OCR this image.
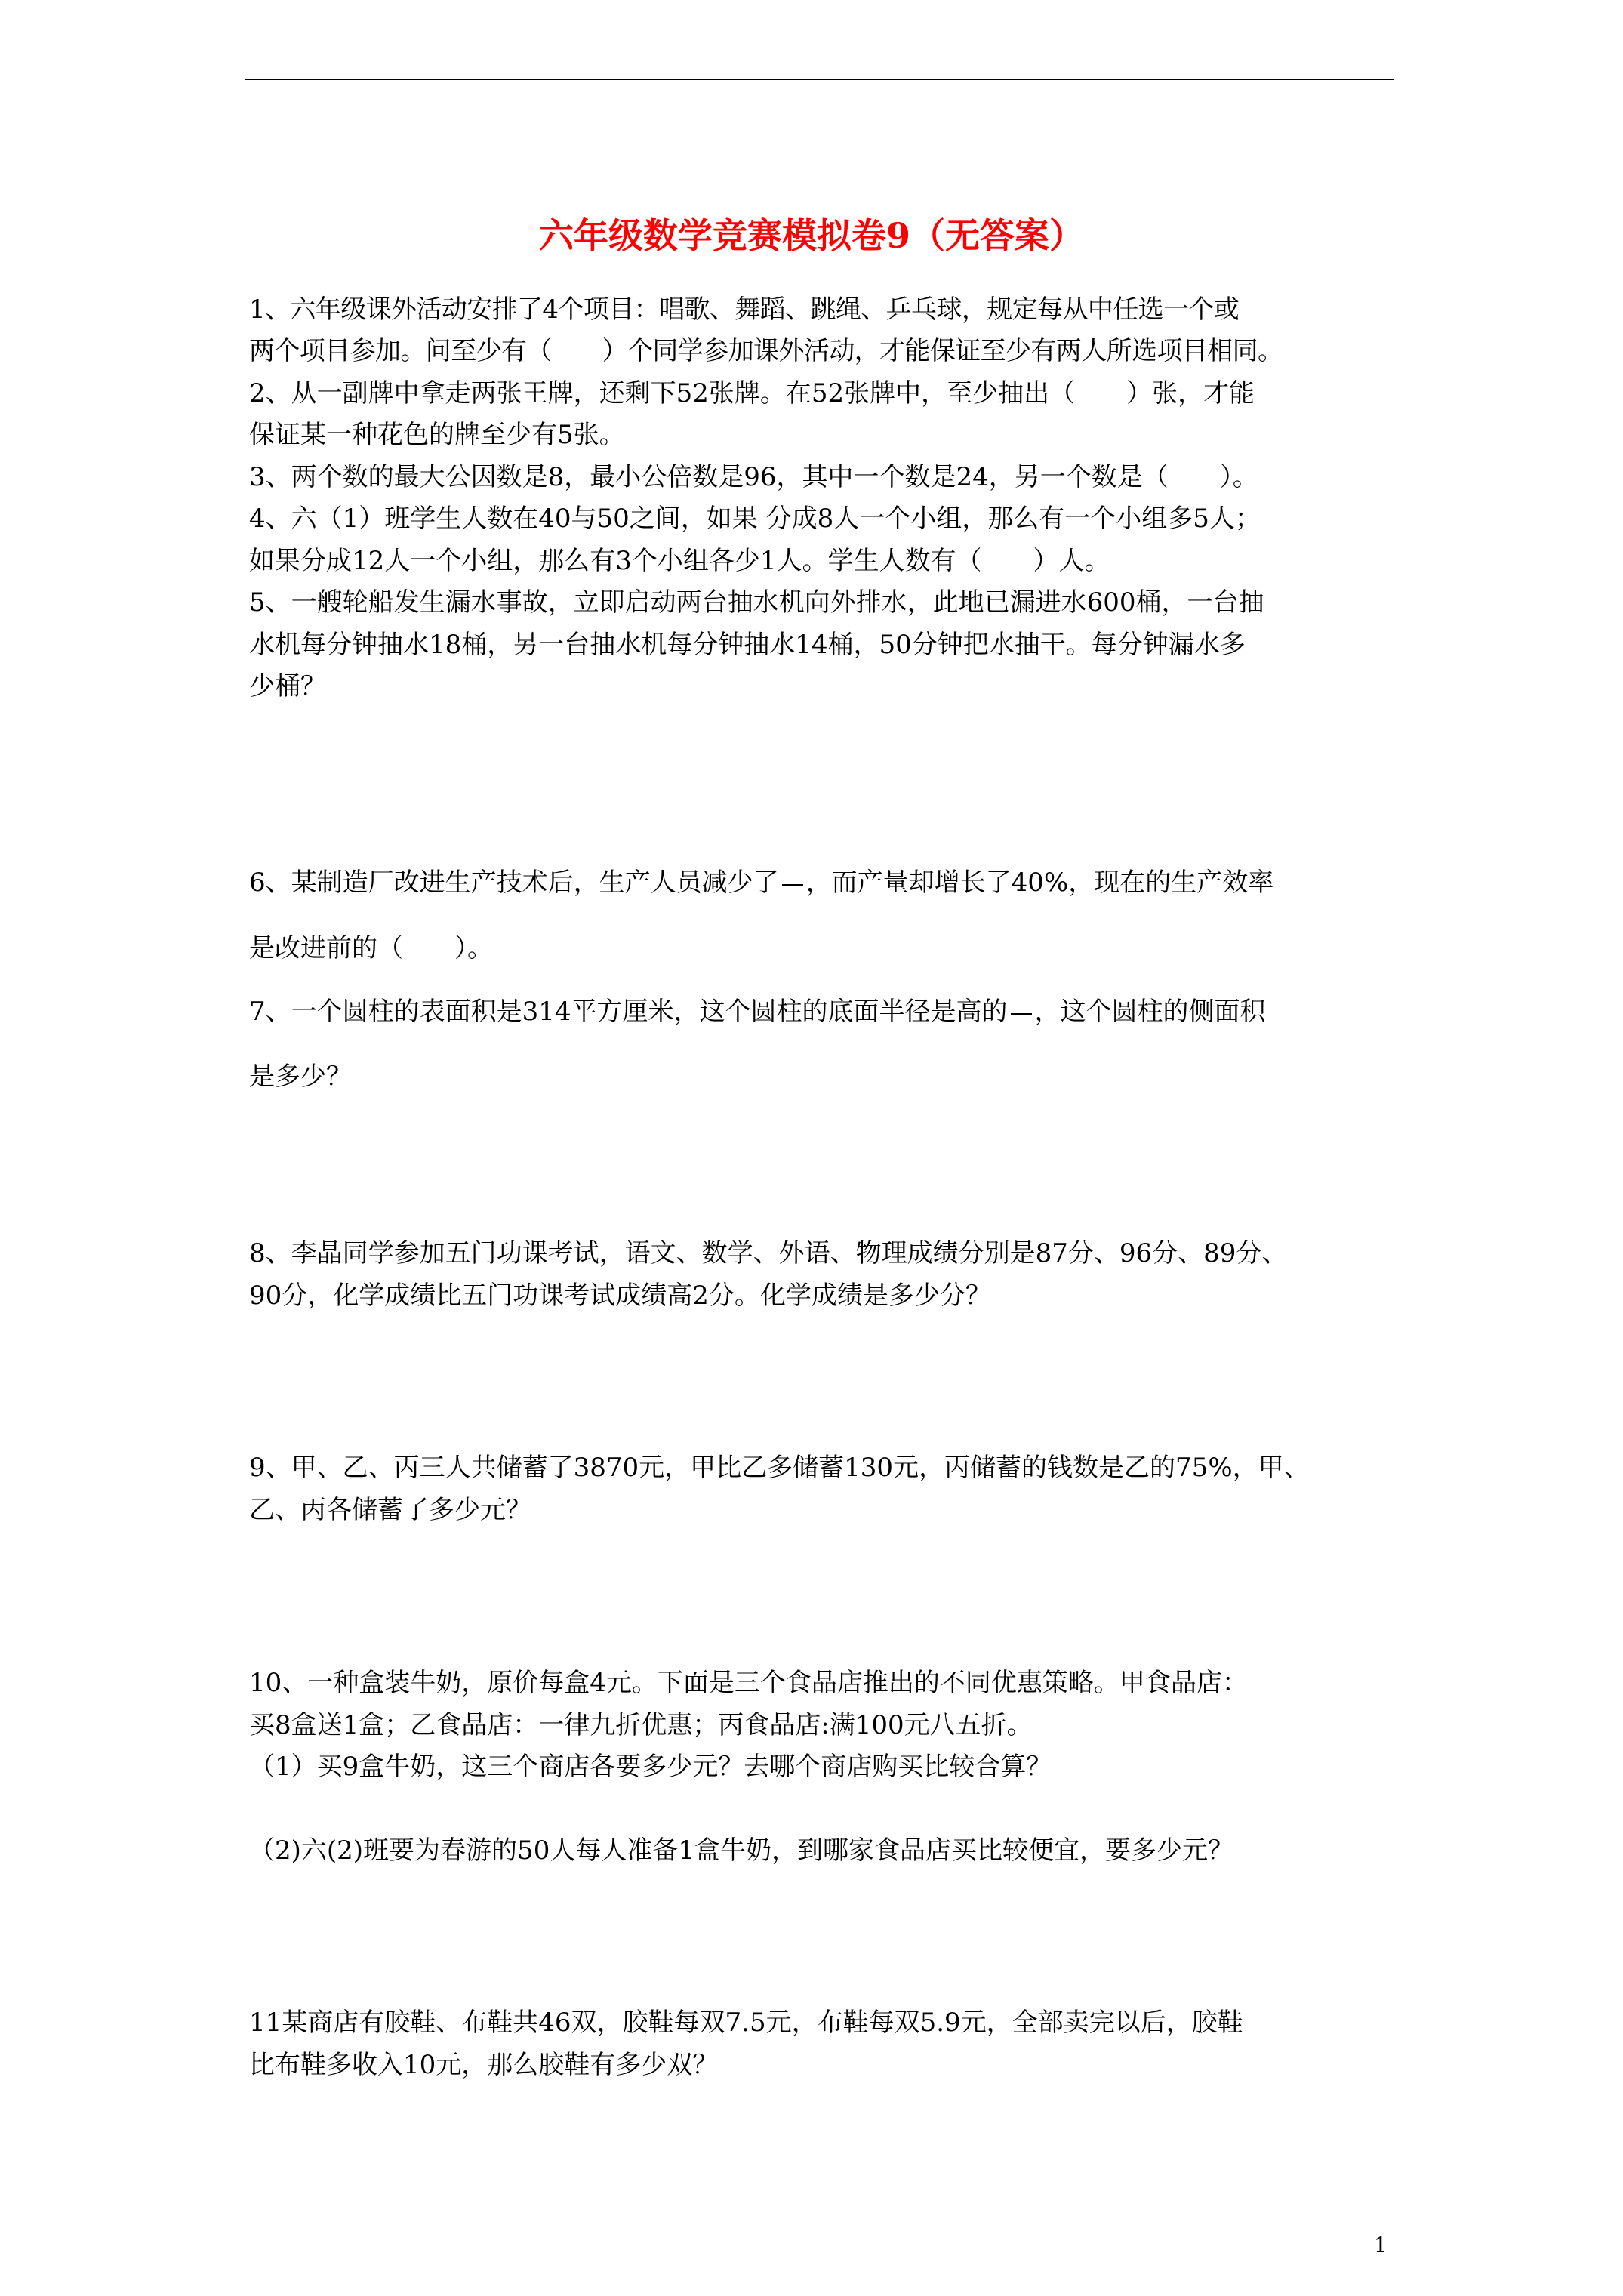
六年级数学竞赛模拟卷9（无答案）
1、六年级课外活动安排了4个项目：唱歌、舞蹈、跳绳、乒乓球，规定每从中任选一个或
两个项目参加。问至少有（　　）个同学参加课外活动，才能保证至少有两人所选项目相同。
2、从一副牌中拿走两张王牌，还剩下52张牌。在52张牌中，至少抽出（　　）张，才能
保证某一种花色的牌至少有5张。
3、两个数的最大公因数是8，最小公倍数是96，其中一个数是24，另一个数是（　　）。
4、六（1）班学生人数在40与50之间，如果 分成8人一个小组，那么有一个小组多5人；
如果分成12人一个小组，那么有3个小组各少1人。学生人数有（　　）人。
5、一艘轮船发生漏水事故，立即启动两台抽水机向外排水，此地已漏进水600桶，一台抽
水机每分钟抽水18桶，另一台抽水机每分钟抽水14桶，50分钟把水抽干。每分钟漏水多
少桶？
6、某制造厂改进生产技术后，生产人员减少了 ，而产量却增长了40%，现在的生产效率
是改进前的（　　）。
7、一个圆柱的表面积是314平方厘米，这个圆柱的底面半径是高的 ，这个圆柱的侧面积
是多少？
8、李晶同学参加五门功课考试，语文、数学、外语、物理成绩分别是87分、96分、89分、
90分，化学成绩比五门功课考试成绩高2分。化学成绩是多少分？
9、甲、乙、丙三人共储蓄了3870元，甲比乙多储蓄130元，丙储蓄的钱数是乙的75%，甲、
乙、丙各储蓄了多少元？
10、一种盒装牛奶，原价每盒4元。下面是三个食品店推出的不同优惠策略。甲食品店：
买8盒送1盒；乙食品店：一律九折优惠；丙食品店:满100元八五折。
（1）买9盒牛奶，这三个商店各要多少元？去哪个商店购买比较合算？
（2)六(2)班要为春游的50人每人准备1盒牛奶，到哪家食品店买比较便宜，要多少元？
11某商店有胶鞋、布鞋共46双，胶鞋每双7.5元，布鞋每双5.9元，全部卖完以后，胶鞋
比布鞋多收入10元，那么胶鞋有多少双？
1
